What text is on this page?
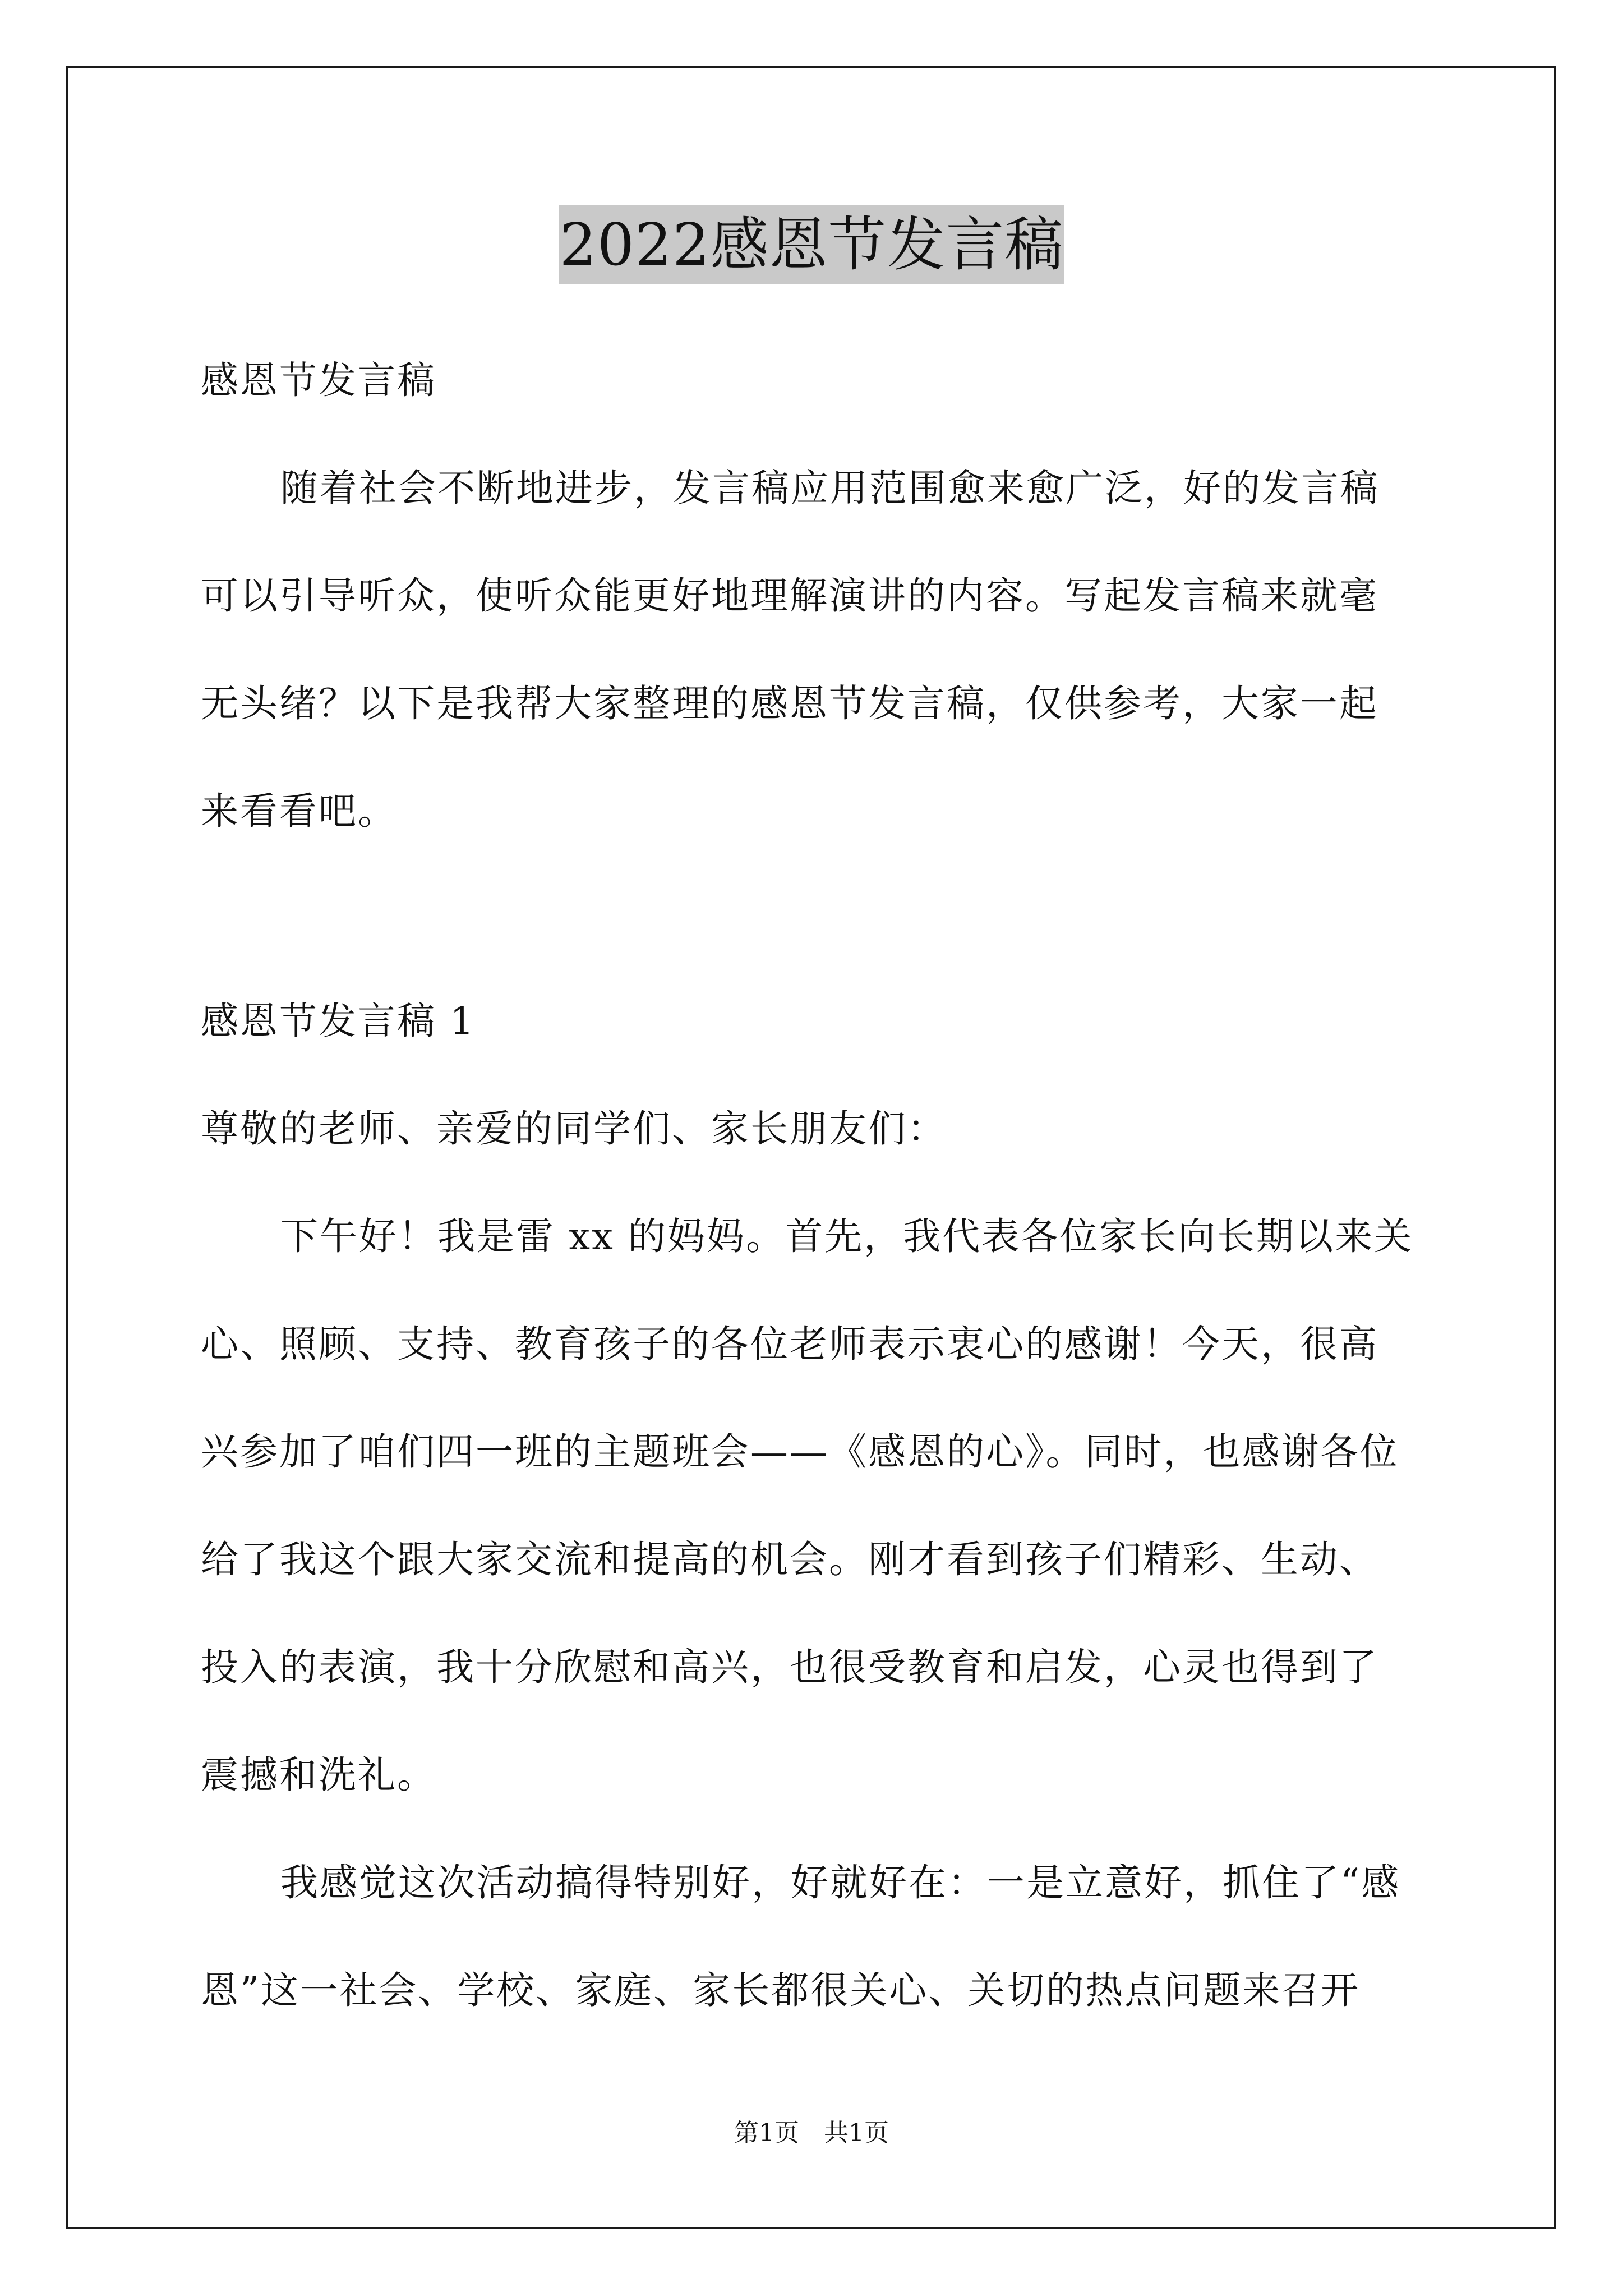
2022感恩节发言稿
感恩节发言稿
随着社会不断地进步，发言稿应用范围愈来愈广泛，好的发言稿
可以引导听众，使听众能更好地理解演讲的内容。写起发言稿来就毫
无头绪？以下是我帮大家整理的感恩节发言稿，仅供参考，大家一起
来看看吧。
感恩节发言稿 1
尊敬的老师、亲爱的同学们、家长朋友们：
下午好！我是雷 xx 的妈妈。首先，我代表各位家长向长期以来关
心、照顾、支持、教育孩子的各位老师表示衷心的感谢！今天，很高
兴参加了咱们四一班的主题班会——《感恩的心》。同时，也感谢各位
给了我这个跟大家交流和提高的机会。刚才看到孩子们精彩、生动、
投入的表演，我十分欣慰和高兴，也很受教育和启发，心灵也得到了
震撼和洗礼。
我感觉这次活动搞得特别好，好就好在：一是立意好，抓住了“感
恩”这一社会、学校、家庭、家长都很关心、关切的热点问题来召开
第1页　共1页
